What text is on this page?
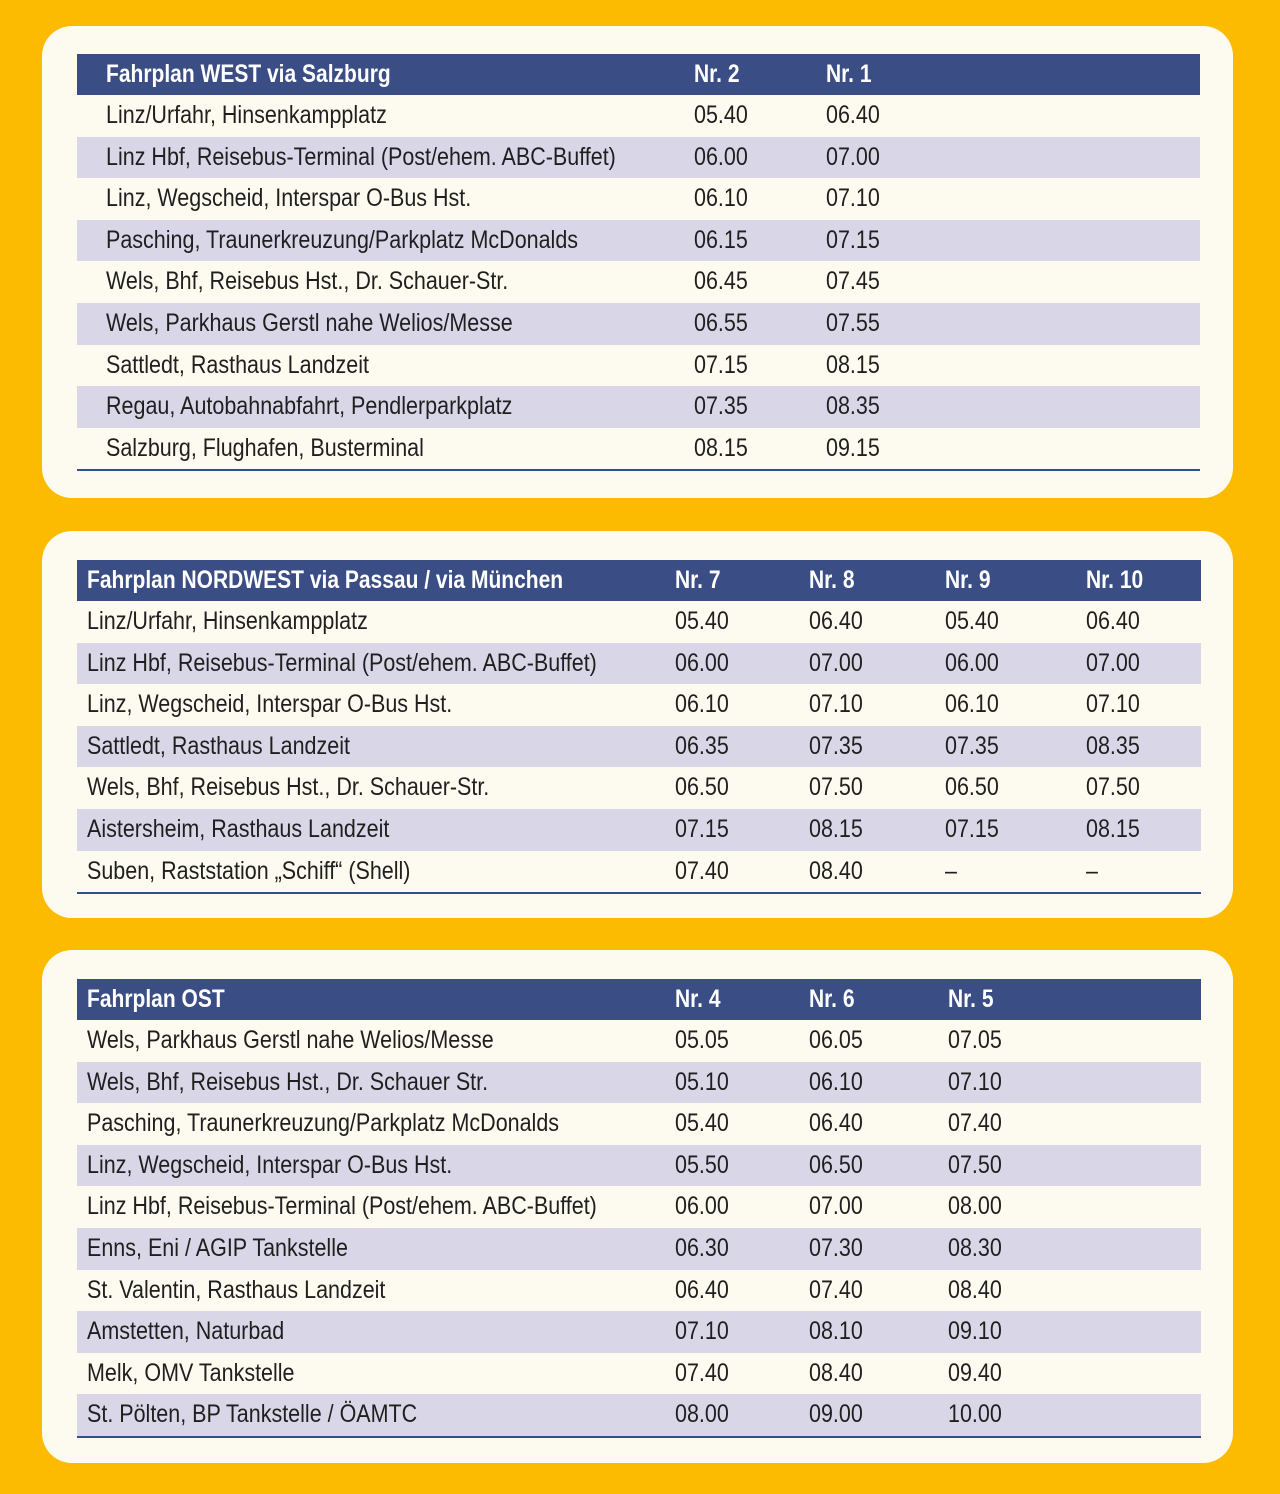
Fahrplan WEST via Salzburg	Nr. 2	Nr. 1
Linz/Urfahr, Hinsenkampplatz	05.40	06.40
Linz Hbf, Reisebus-Terminal (Post/ehem. ABC-Buffet)	06.00	07.00
Linz, Wegscheid, Interspar O-Bus Hst.	06.10	07.10
Pasching, Traunerkreuzung/Parkplatz McDonalds	06.15	07.15
Wels, Bhf, Reisebus Hst., Dr. Schauer-Str.	06.45	07.45
Wels, Parkhaus Gerstl nahe Welios/Messe	06.55	07.55
Sattledt, Rasthaus Landzeit	07.15	08.15
Regau, Autobahnabfahrt, Pendlerparkplatz	07.35	08.35
Salzburg, Flughafen, Busterminal	08.15	09.15
Fahrplan NORDWEST via Passau / via München	Nr. 7	Nr. 8	Nr. 9	Nr. 10
Linz/Urfahr, Hinsenkampplatz	05.40	06.40	05.40	06.40
Linz Hbf, Reisebus-Terminal (Post/ehem. ABC-Buffet)	06.00	07.00	06.00	07.00
Linz, Wegscheid, Interspar O-Bus Hst.	06.10	07.10	06.10	07.10
Sattledt, Rasthaus Landzeit	06.35	07.35	07.35	08.35
Wels, Bhf, Reisebus Hst., Dr. Schauer-Str.	06.50	07.50	06.50	07.50
Aistersheim, Rasthaus Landzeit	07.15	08.15	07.15	08.15
Suben, Raststation „Schiff“ (Shell)	07.40	08.40	–	–
Fahrplan OST	Nr. 4	Nr. 6	Nr. 5
Wels, Parkhaus Gerstl nahe Welios/Messe	05.05	06.05	07.05
Wels, Bhf, Reisebus Hst., Dr. Schauer Str.	05.10	06.10	07.10
Pasching, Traunerkreuzung/Parkplatz McDonalds	05.40	06.40	07.40
Linz, Wegscheid, Interspar O-Bus Hst.	05.50	06.50	07.50
Linz Hbf, Reisebus-Terminal (Post/ehem. ABC-Buffet)	06.00	07.00	08.00
Enns, Eni / AGIP Tankstelle	06.30	07.30	08.30
St. Valentin, Rasthaus Landzeit	06.40	07.40	08.40
Amstetten, Naturbad	07.10	08.10	09.10
Melk, OMV Tankstelle	07.40	08.40	09.40
St. Pölten, BP Tankstelle / ÖAMTC	08.00	09.00	10.00
